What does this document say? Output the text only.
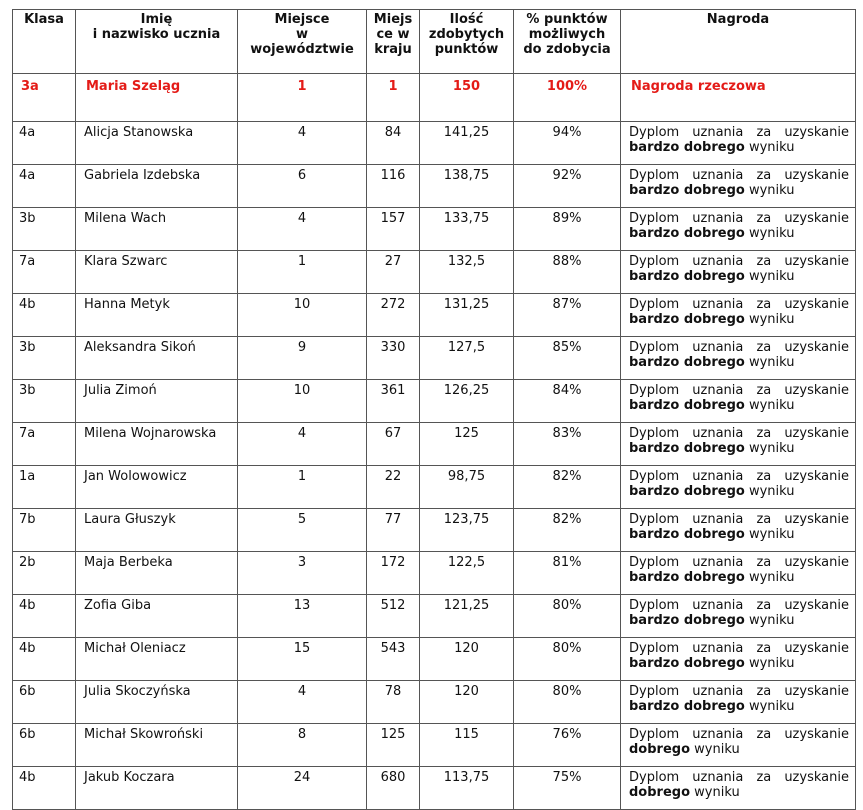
Klasa	Imię
i nazwisko ucznia	Miejsce
w
województwie	Miejs
ce w
kraju	Ilość
zdobytych
punktów	% punktów
możliwych
do zdobycia	Nagroda
3a	Maria Szeląg	1	1	150	100%	Nagroda rzeczowa
4a	Alicja Stanowska	4	84	141,25	94%	Dyplom uznania za uzyskanie
bardzo dobrego wyniku

4a	Gabriela Izdebska	6	116	138,75	92%	Dyplom uznania za uzyskanie
bardzo dobrego wyniku

3b	Milena Wach	4	157	133,75	89%	Dyplom uznania za uzyskanie
bardzo dobrego wyniku

7a	Klara Szwarc	1	27	132,5	88%	Dyplom uznania za uzyskanie
bardzo dobrego wyniku

4b	Hanna Metyk	10	272	131,25	87%	Dyplom uznania za uzyskanie
bardzo dobrego wyniku

3b	Aleksandra Sikoń	9	330	127,5	85%	Dyplom uznania za uzyskanie
bardzo dobrego wyniku

3b	Julia Zimoń	10	361	126,25	84%	Dyplom uznania za uzyskanie
bardzo dobrego wyniku

7a	Milena Wojnarowska	4	67	125	83%	Dyplom uznania za uzyskanie
bardzo dobrego wyniku

1a	Jan Wolowowicz	1	22	98,75	82%	Dyplom uznania za uzyskanie
bardzo dobrego wyniku

7b	Laura Głuszyk	5	77	123,75	82%	Dyplom uznania za uzyskanie
bardzo dobrego wyniku

2b	Maja Berbeka	3	172	122,5	81%	Dyplom uznania za uzyskanie
bardzo dobrego wyniku

4b	Zofia Giba	13	512	121,25	80%	Dyplom uznania za uzyskanie
bardzo dobrego wyniku

4b	Michał Oleniacz	15	543	120	80%	Dyplom uznania za uzyskanie
bardzo dobrego wyniku

6b	Julia Skoczyńska	4	78	120	80%	Dyplom uznania za uzyskanie
bardzo dobrego wyniku

6b	Michał Skowroński	8	125	115	76%	Dyplom uznania za uzyskanie
dobrego wyniku

4b	Jakub Koczara	24	680	113,75	75%	Dyplom uznania za uzyskanie
dobrego wyniku
